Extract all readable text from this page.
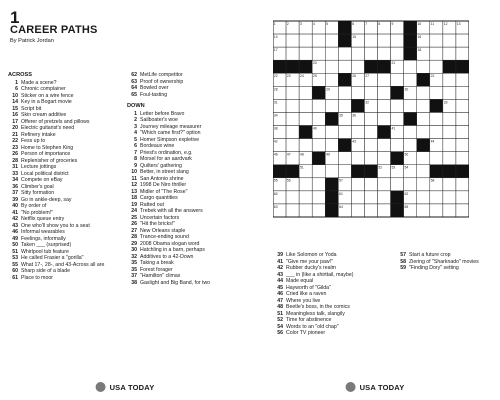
1
CAREER PATHS
By Patrick Jordan
ACROSS
1 Made a scene?
6 Chronic complainer
10 Sticker on a wire fence
14 Key in a Bogart movie
15 Script bit
16 Skin cream additive
17 Offerer of pretzels and pillows
20 Electric guitarist's need
21 Refinery intake
22 Fess up to
23 Home to Stephen King
26 Person of importance
28 Replenisher of groceries
31 Lecture jottings
33 Local political district
34 Compete on eBay
36 Climber's goal
37 Sitty formation
39 Go in ankle-deep, say
40 By order of
41 "No problem!"
42 Netflix queue entry
43 One who'll show you to a seat
46 Informal wearables
49 Feelings, informally
50 Taken ___ (surprised)
51 Whirlpool tub feature
53 He called Frasier a "gorilla"
55 What 17-, 28-, and 43-Across all are
60 Sharp side of a blade
61 Place to moor
62 MetLife competitor
63 Proof of ownership
64 Bowled over
65 Foul-tasting
DOWN
1 Letter before Bravo
2 Sailboater's woe
3 Journey mileage measurer
4 "Which came first?" option
5 Homer Simpson expletive
6 Bordeaux wine
7 Priest's ordination, e.g.
8 Morsel for an aardvark
9 Quilters' gathering
10 Better, in street slang
11 San Antonio shrine
12 1998 De Niro thriller
13 Midler of "The Rose"
18 Cargo quantities
19 Ratted out
24 Trebek with all the answers
25 Uncertain factors
26 "Hit the bricks!"
27 New Orleans staple
28 Trance-ending sound
29 2008 Obama slogan word
30 Hatchling in a barn, perhaps
32 Additives to a 42-Down
35 Taking a break
35 Forest forager
37 "Hamilton" climax
38 Gaslight and Big Band, for two
USA TODAY
1	2	3	4	5	6	7	8	9	10	11	12	13
14	15	16
17	18
20	21
22	23	24	25	26	27	22
28	29	30
31	32	33
34	35	36
38	40	41
42	43	44
46	47	48	49	50
51	52	53	54
55	56	57	58
60	61	62
63	64	65
39 Like Solomon or Yoda
41 "Give me your paw!"
42 Rubber ducky's realm
43 ___ in (like a shirttail, maybe)
44 Made equal
45 Hayworth of "Gilda"
46 Cried like a raven
47 Where you live
48 Beetle's boss, in the comics
51 Meaningless talk, slangily
52 Time for abstinence
54 Words to an "old chap"
56 Color TV pioneer
57 Start a future crop
58 Ziering of "Sharknado" movies
59 "Finding Dory" setting
USA TODAY
